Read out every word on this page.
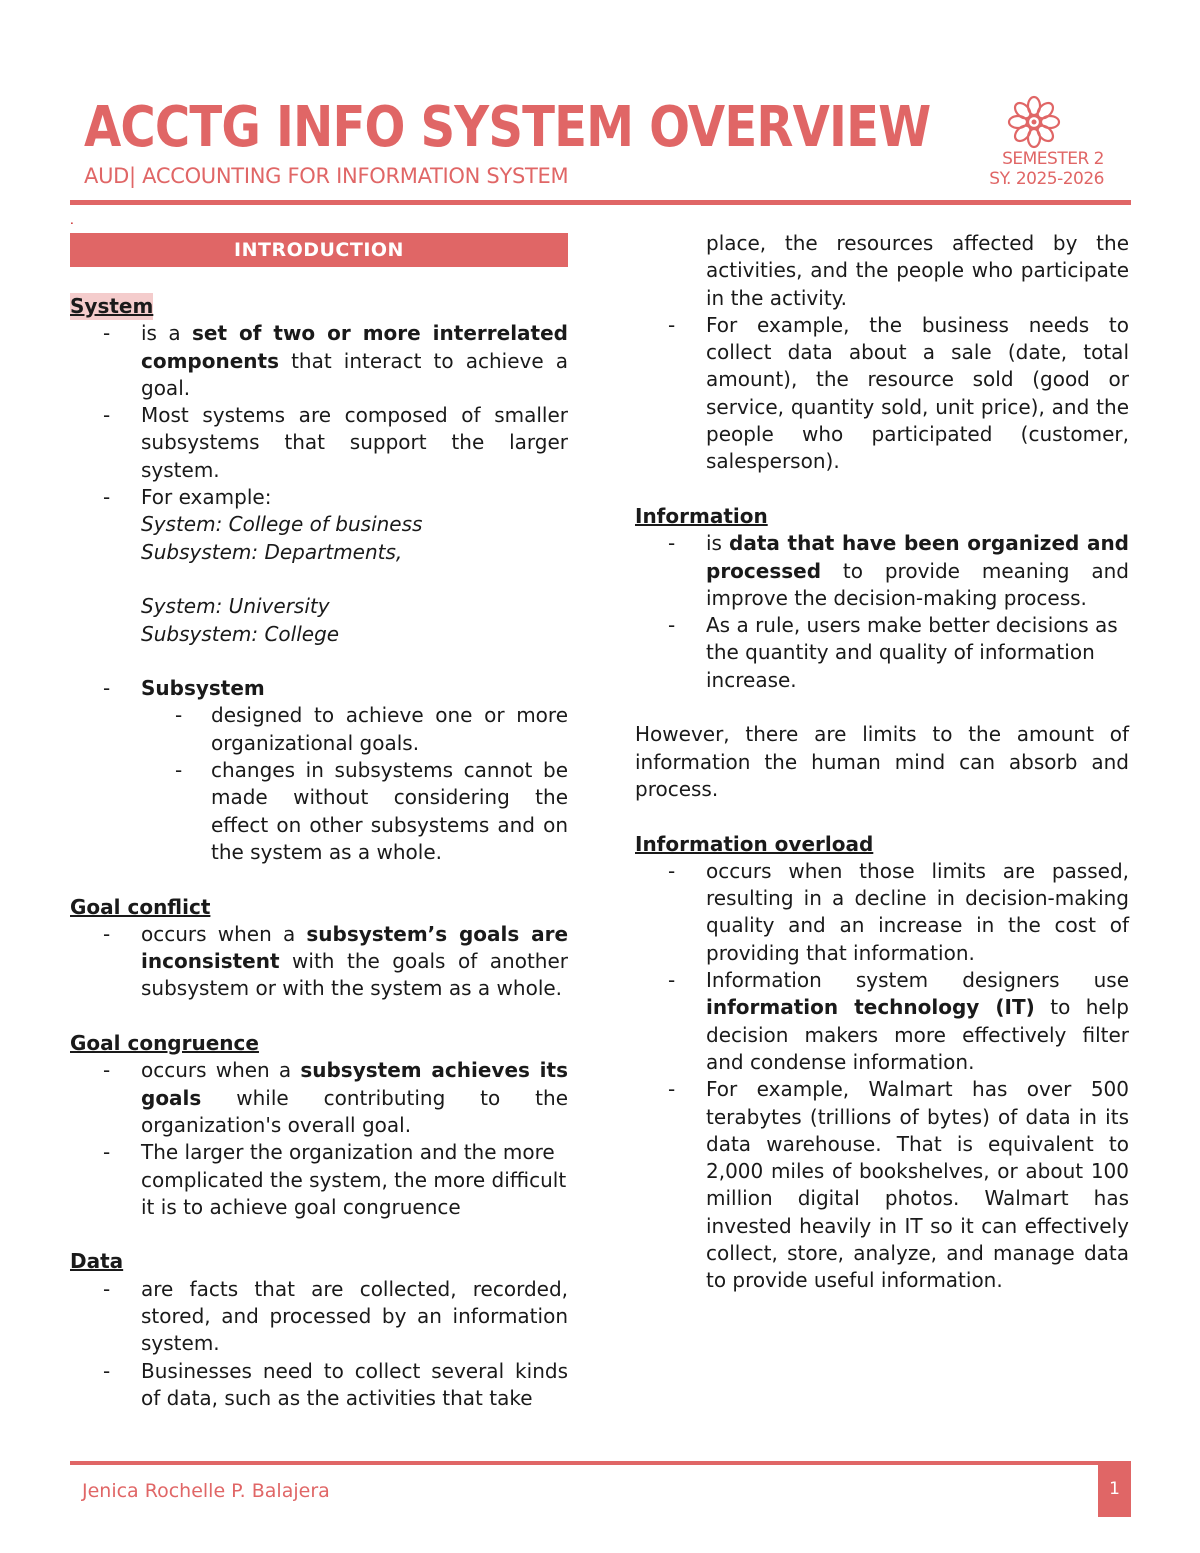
ACCTG INFO SYSTEM OVERVIEW
AUD| ACCOUNTING FOR INFORMATION SYSTEM
SEMESTER 2
SY. 2025-2026
.
INTRODUCTION
System
- is a set of two or more interrelated components that interact to achieve a goal.
- Most systems are composed of smaller subsystems that support the larger system.
- For example:
System: College of business
Subsystem: Departments,
System: University
Subsystem: College
- Subsystem
- designed to achieve one or more organizational goals.
- changes in subsystems cannot be made without considering the effect on other subsystems and on the system as a whole.
Goal conflict
- occurs when a subsystem’s goals are inconsistent with the goals of another subsystem or with the system as a whole.
Goal congruence
- occurs when a subsystem achieves its goals while contributing to the organization's overall goal.
- The larger the organization and the more complicated the system, the more difficult it is to achieve goal congruence
Data
- are facts that are collected, recorded, stored, and processed by an information system.
- Businesses need to collect several kinds of data, such as the activities that take
place, the resources affected by the activities, and the people who participate in the activity.
- For example, the business needs to collect data about a sale (date, total amount), the resource sold (good or service, quantity sold, unit price), and the people who participated (customer, salesperson).
Information
- is data that have been organized and processed to provide meaning and improve the decision-making process.
- As a rule, users make better decisions as the quantity and quality of information increase.
However, there are limits to the amount of information the human mind can absorb and process.
Information overload
- occurs when those limits are passed, resulting in a decline in decision-making quality and an increase in the cost of providing that information.
- Information system designers use information technology (IT) to help decision makers more effectively filter and condense information.
- For example, Walmart has over 500 terabytes (trillions of bytes) of data in its data warehouse. That is equivalent to 2,000 miles of bookshelves, or about 100 million digital photos. Walmart has invested heavily in IT so it can effectively collect, store, analyze, and manage data to provide useful information.
Jenica Rochelle P. Balajera	1
